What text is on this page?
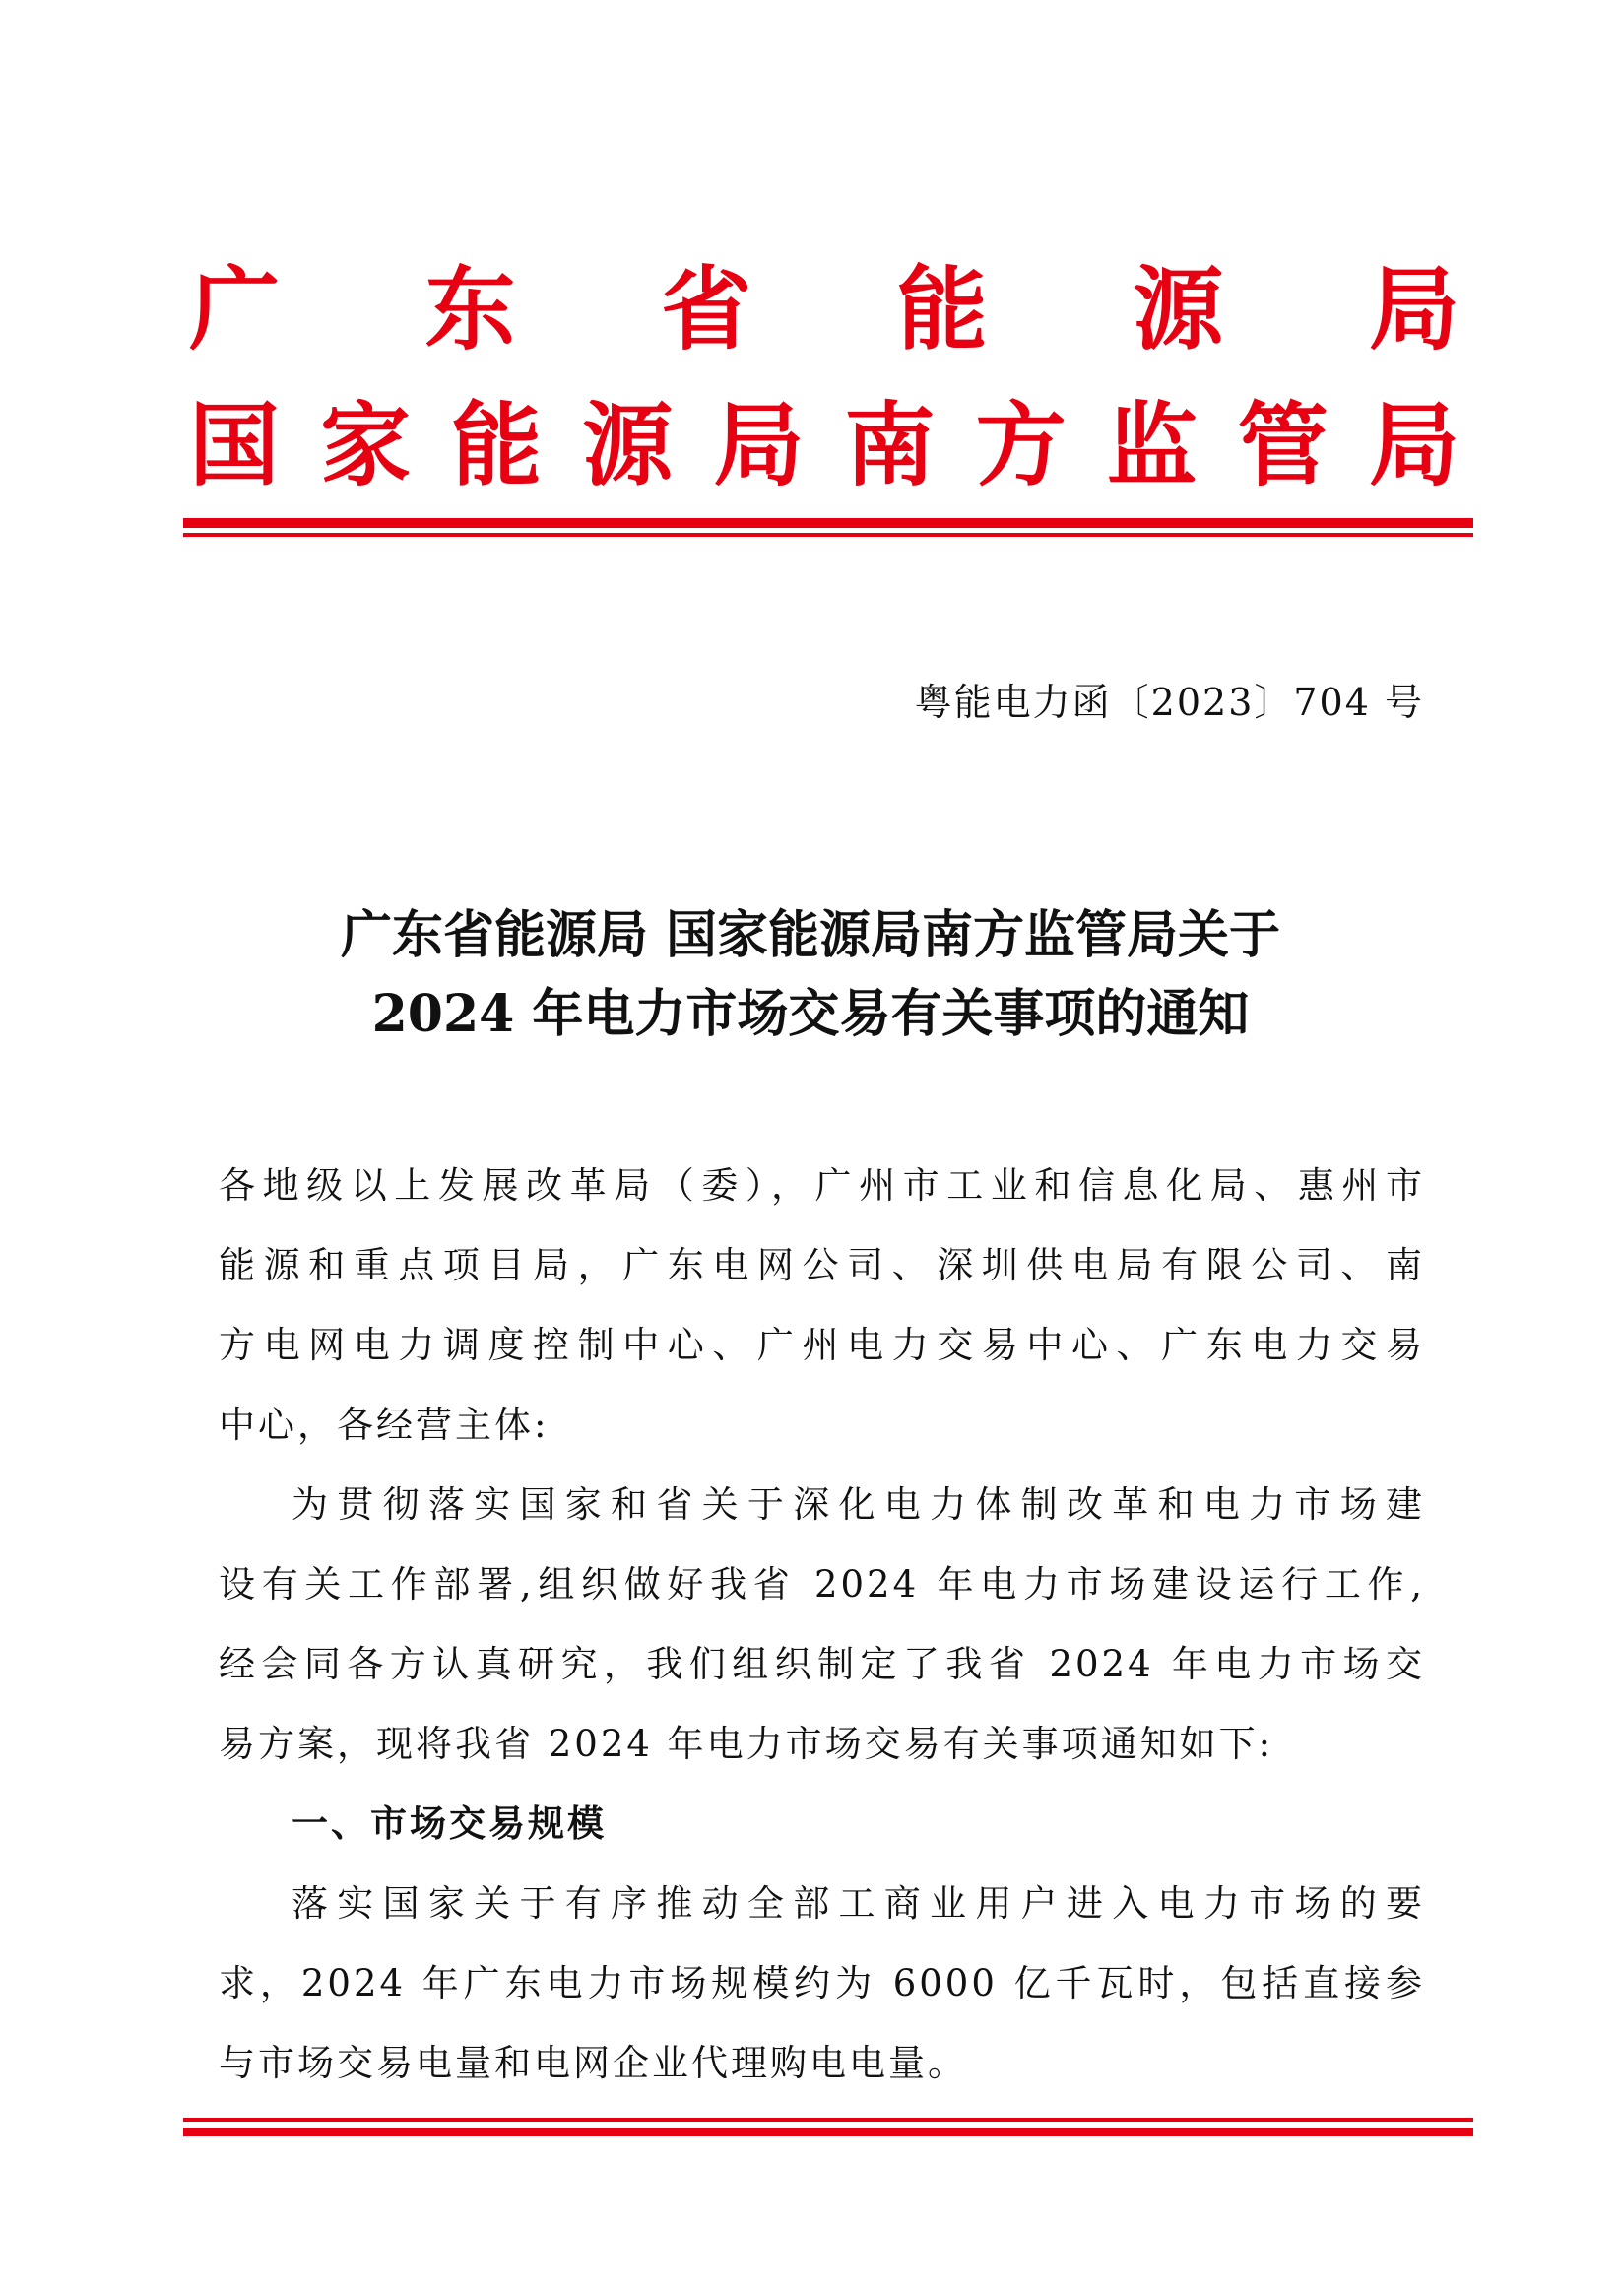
广 东 省 能 源 局
国 家 能 源 局 南 方 监 管 局
粤能电力函〔2023〕704 号
广东省能源局 国家能源局南方监管局关于
2024 年电力市场交易有关事项的通知

各地级以上发展改革局（委），广州市工业和信息化局、惠州市

能源和重点项目局，广东电网公司、深圳供电局有限公司、南

方电网电力调度控制中心、广州电力交易中心、广东电力交易

中心，各经营主体:

为贯彻落实国家和省关于深化电力体制改革和电力市场建

设有关工作部署,组织做好我省 2024 年电力市场建设运行工作,

经会同各方认真研究，我们组织制定了我省 2024 年电力市场交

易方案，现将我省 2024 年电力市场交易有关事项通知如下:

一、市场交易规模

落实国家关于有序推动全部工商业用户进入电力市场的要

求，2024 年广东电力市场规模约为 6000 亿千瓦时，包括直接参

与市场交易电量和电网企业代理购电电量。
